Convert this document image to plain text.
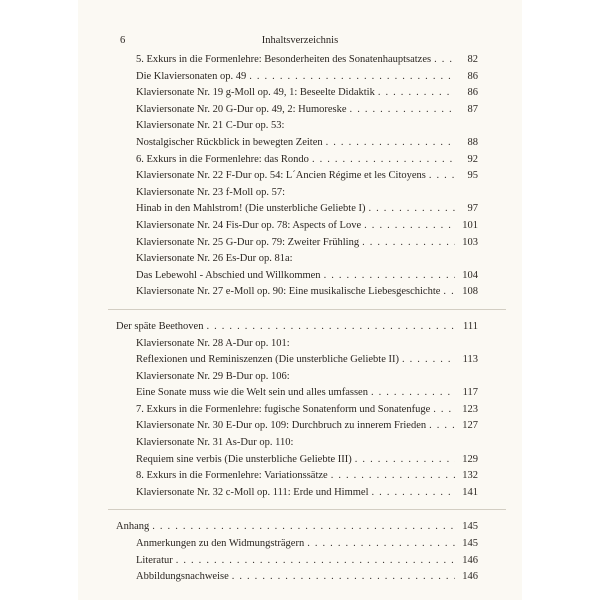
6	Inhaltsverzeichnis
5. Exkurs in die Formenlehre: Besonderheiten des Sonatenhauptsatzes . . .	82
Die Klaviersonaten op. 49 . . .	86
Klaviersonate Nr. 19 g-Moll op. 49, 1: Beseelte Didaktik . . .	86
Klaviersonate Nr. 20 G-Dur op. 49, 2: Humoreske . . .	87
Klaviersonate Nr. 21 C-Dur op. 53:
Nostalgischer Rückblick in bewegten Zeiten . . .	88
6. Exkurs in die Formenlehre: das Rondo . . .	92
Klaviersonate Nr. 22 F-Dur op. 54: L´Ancien Régime et les Citoyens . . .	95
Klaviersonate Nr. 23 f-Moll op. 57:
Hinab in den Mahlstrom! (Die unsterbliche Geliebte I) . . .	97
Klaviersonate Nr. 24 Fis-Dur op. 78: Aspects of Love . . .	101
Klaviersonate Nr. 25 G-Dur op. 79: Zweiter Frühling . . .	103
Klaviersonate Nr. 26 Es-Dur op. 81a:
Das Lebewohl - Abschied und Willkommen . . .	104
Klaviersonate Nr. 27 e-Moll op. 90: Eine musikalische Liebesgeschichte . . .	108
Der späte Beethoven . . .	111
Klaviersonate Nr. 28 A-Dur op. 101:
Reflexionen und Reminiszenzen (Die unsterbliche Geliebte II) . . .	113
Klaviersonate Nr. 29 B-Dur op. 106:
Eine Sonate muss wie die Welt sein und alles umfassen . . .	117
7. Exkurs in die Formenlehre: fugische Sonatenform und Sonatenfuge . . .	123
Klaviersonate Nr. 30 E-Dur op. 109: Durchbruch zu innerem Frieden . . .	127
Klaviersonate Nr. 31 As-Dur op. 110:
Requiem sine verbis (Die unsterbliche Geliebte III) . . .	129
8. Exkurs in die Formenlehre: Variationssätze . . .	132
Klaviersonate Nr. 32 c-Moll op. 111: Erde und Himmel . . .	141
Anhang . . .	145
Anmerkungen zu den Widmungsträgern . . .	145
Literatur . . .	146
Abbildungsnachweise . . .	146
